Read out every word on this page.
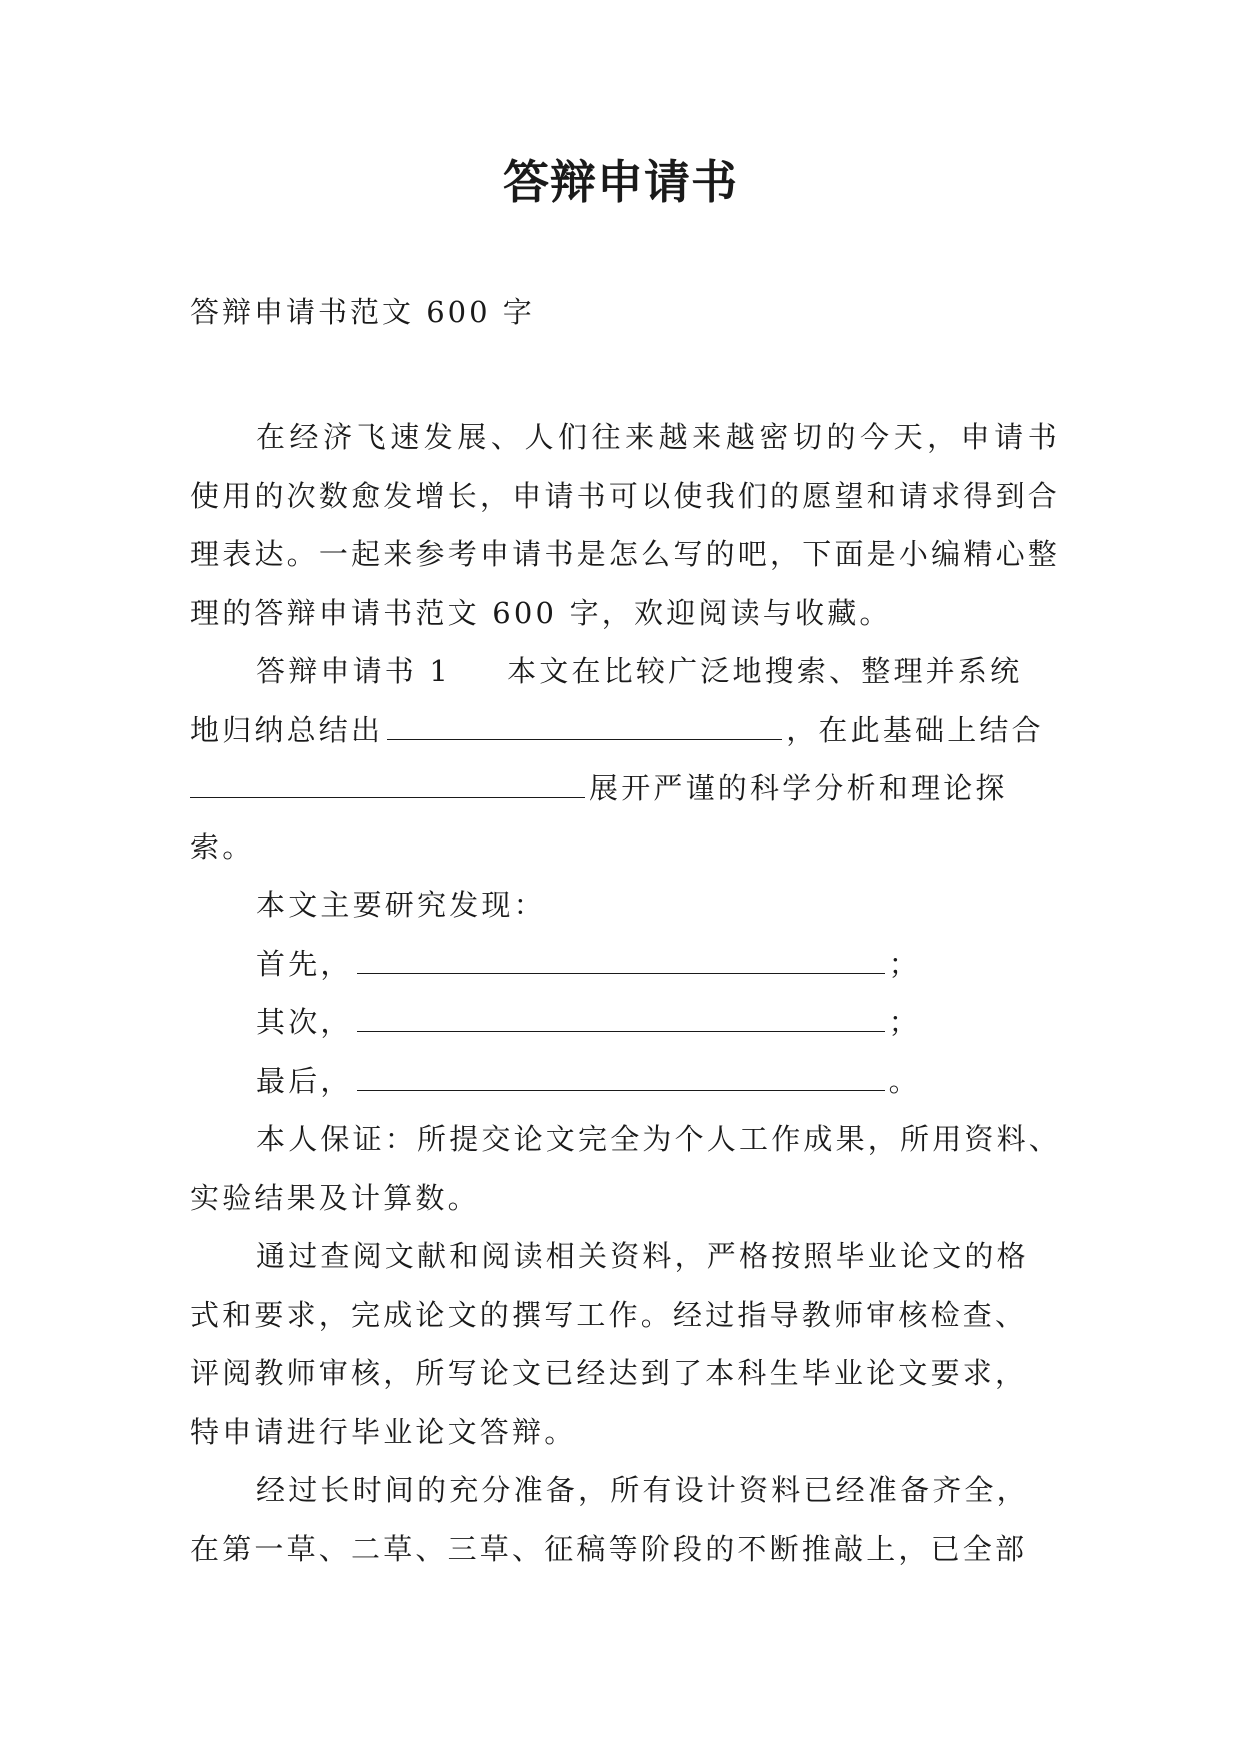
答辩申请书
答辩申请书范文 600 字

在经济飞速发展、人们往来越来越密切的今天，申请书使用的次数愈发增长，申请书可以使我们的愿望和请求得到合理表达。一起来参考申请书是怎么写的吧，下面是小编精心整理的答辩申请书范文 600 字，欢迎阅读与收藏。

答辩申请书 1 本文在比较广泛地搜索、整理并系统
地归纳总结出	，在此基础上结合
展开严谨的科学分析和理论探
索。
本文主要研究发现：
首先，	；
其次，	；
最后，	。
本人保证：所提交论文完全为个人工作成果，所用资料、
实验结果及计算数。
通过查阅文献和阅读相关资料，严格按照毕业论文的格
式和要求，完成论文的撰写工作。经过指导教师审核检查、
评阅教师审核，所写论文已经达到了本科生毕业论文要求，
特申请进行毕业论文答辩。
经过长时间的充分准备，所有设计资料已经准备齐全，
在第一草、二草、三草、征稿等阶段的不断推敲上，已全部
